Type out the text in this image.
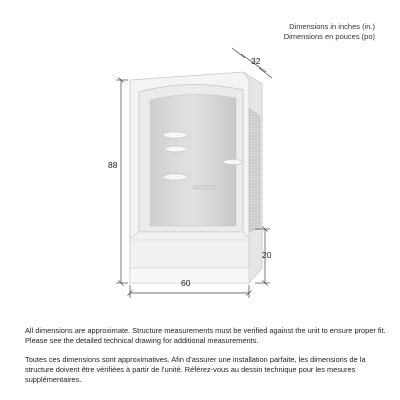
Dimensions in inches (in.)
Dimensions en pouces (po)
88
60
20
32

All dimensions are approximate. Structure measurements must be verified against the unit to ensure proper fit. Please see the detailed technical drawing for additional measurements.

Toutes ces dimensions sont approximatives. Afin d’assurer une installation parfaite, les dimensions de la structure doivent être vérifiées à partir de l’unité. Référez-vous au dessin technique pour les mesures supplémentaires.
